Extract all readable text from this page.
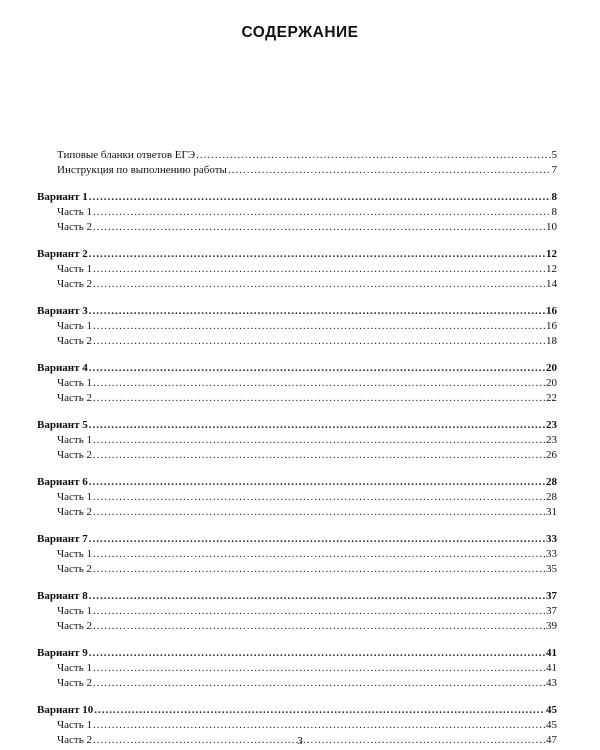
СОДЕРЖАНИЕ
Типовые бланки ответов ЕГЭ .....	5
Инструкция по выполнению работы .....	7
Вариант 1 .....	8
Часть 1 .....	8
Часть 2 .....	10
Вариант 2 .....	12
Часть 1 .....	12
Часть 2 .....	14
Вариант 3 .....	16
Часть 1 .....	16
Часть 2 .....	18
Вариант 4 .....	20
Часть 1 .....	20
Часть 2 .....	22
Вариант 5 .....	23
Часть 1 .....	23
Часть 2 .....	26
Вариант 6 .....	28
Часть 1 .....	28
Часть 2 .....	31
Вариант 7 .....	33
Часть 1 .....	33
Часть 2 .....	35
Вариант 8 .....	37
Часть 1 .....	37
Часть 2 .....	39
Вариант 9 .....	41
Часть 1 .....	41
Часть 2 .....	43
Вариант 10 .....	45
Часть 1 .....	45
Часть 2 .....	47
3
